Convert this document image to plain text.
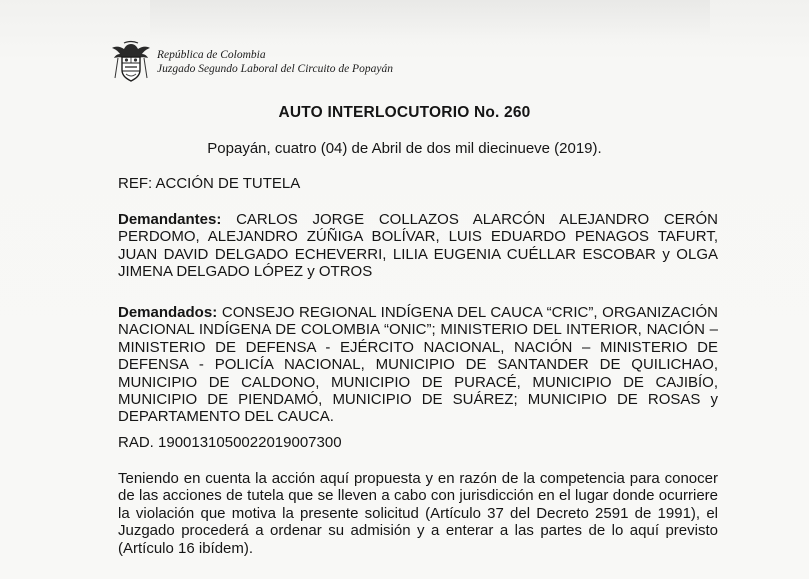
República de Colombia
Juzgado Segundo Laboral del Circuito de Popayán
AUTO INTERLOCUTORIO No. 260
Popayán, cuatro (04) de Abril de dos mil diecinueve (2019).
REF: ACCIÓN DE TUTELA
Demandantes: CARLOS JORGE COLLAZOS ALARCÓN ALEJANDRO CERÓN PERDOMO, ALEJANDRO ZÚÑIGA BOLÍVAR, LUIS EDUARDO PENAGOS TAFURT, JUAN DAVID DELGADO ECHEVERRI, LILIA EUGENIA CUÉLLAR ESCOBAR y OLGA JIMENA DELGADO LÓPEZ y OTROS
Demandados: CONSEJO REGIONAL INDÍGENA DEL CAUCA “CRIC”, ORGANIZACIÓN NACIONAL INDÍGENA DE COLOMBIA “ONIC”; MINISTERIO DEL INTERIOR, NACIÓN – MINISTERIO DE DEFENSA - EJÉRCITO NACIONAL, NACIÓN – MINISTERIO DE DEFENSA - POLICÍA NACIONAL, MUNICIPIO DE SANTANDER DE QUILICHAO, MUNICIPIO DE CALDONO, MUNICIPIO DE PURACÉ, MUNICIPIO DE CAJIBÍO, MUNICIPIO DE PIENDAMÓ, MUNICIPIO DE SUÁREZ; MUNICIPIO DE ROSAS y DEPARTAMENTO DEL CAUCA.
RAD. 19001310500220190073​00
Teniendo en cuenta la acción aquí propuesta y en razón de la competencia para conocer de las acciones de tutela que se lleven a cabo con jurisdicción en el lugar donde ocurriere la violación que motiva la presente solicitud (Artículo 37 del Decreto 2591 de 1991), el Juzgado procederá a ordenar su admisión y a enterar a las partes de lo aquí previsto (Artículo 16 ibídem).
